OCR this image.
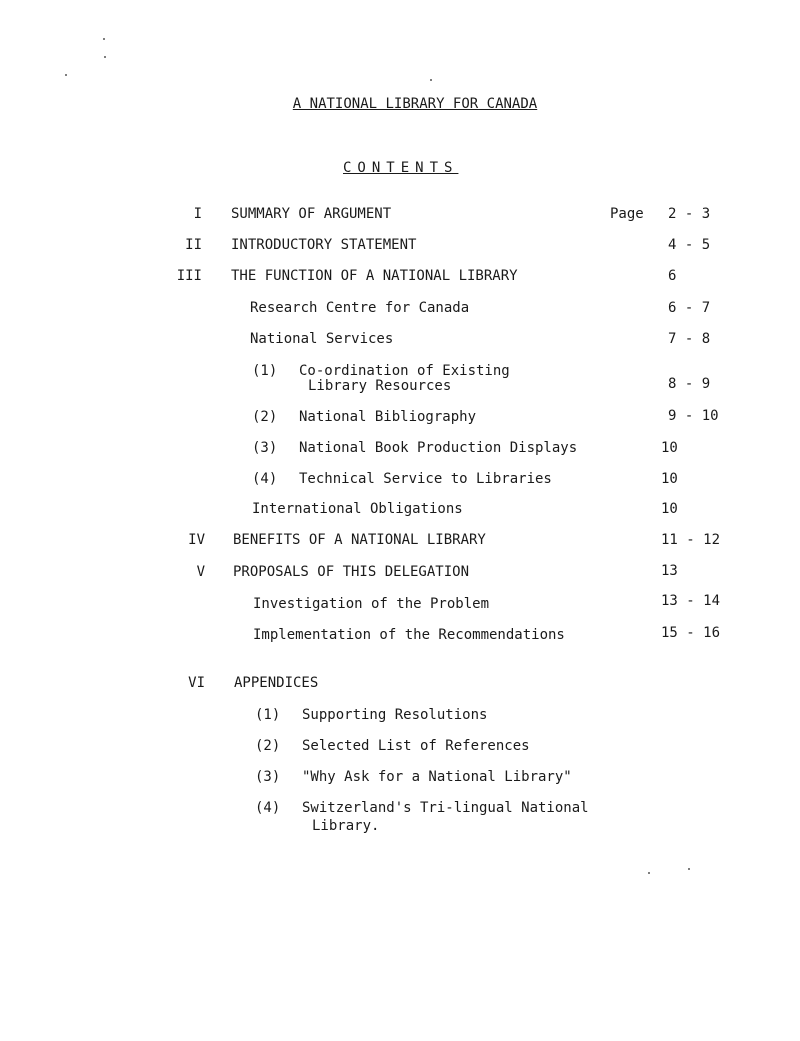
A NATIONAL LIBRARY FOR CANADA
CONTENTS
Page
I SUMMARY OF ARGUMENT	2 - 3
II INTRODUCTORY STATEMENT	4 - 5
III THE FUNCTION OF A NATIONAL LIBRARY	6
Research Centre for Canada	6 - 7
National Services	7 - 8
(1) Co-ordination of Existing
Library Resources	8 - 9
(2) National Bibliography	9 - 10
(3) National Book Production Displays	10
(4) Technical Service to Libraries	10
International Obligations	10
IV BENEFITS OF A NATIONAL LIBRARY	11 - 12
V PROPOSALS OF THIS DELEGATION	13
Investigation of the Problem	13 - 14
Implementation of the Recommendations	15 - 16
VI APPENDICES
(1) Supporting Resolutions
(2) Selected List of References
(3) "Why Ask for a National Library"
(4) Switzerland's Tri-lingual National
Library.
